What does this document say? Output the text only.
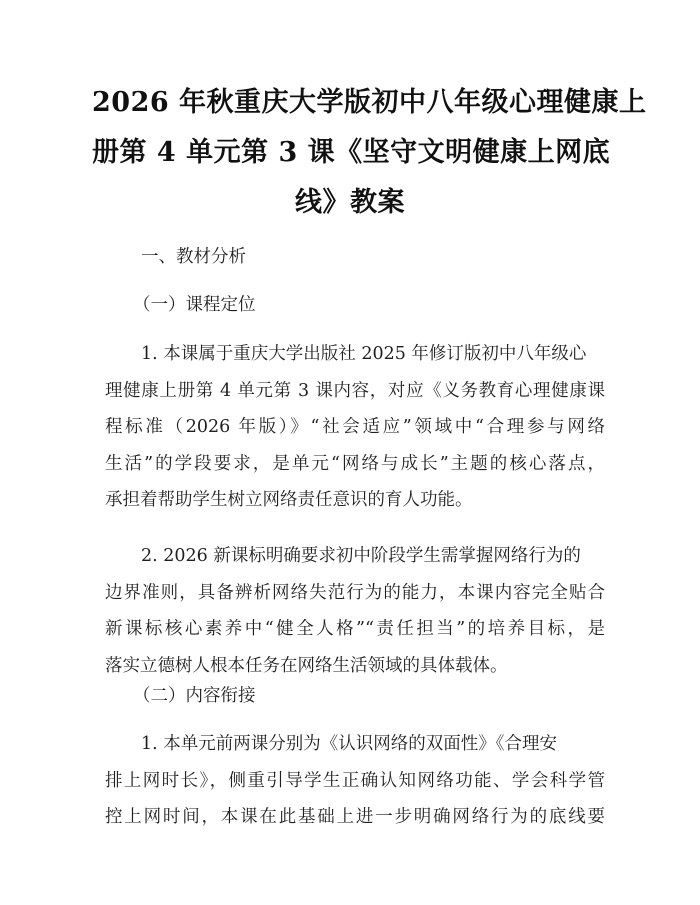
2026 年秋重庆大学版初中八年级心理健康上
册第 4 单元第 3 课《坚守文明健康上网底
线》教案
一、教材分析
（一）课程定位
1. 本课属于重庆大学出版社 2025 年修订版初中八年级心
理健康上册第 4 单元第 3 课内容，对应《义务教育心理健康课
程标准（2026 年版）》“社会适应”领域中“合理参与网络
生活”的学段要求，是单元“网络与成长”主题的核心落点，
承担着帮助学生树立网络责任意识的育人功能。
2. 2026 新课标明确要求初中阶段学生需掌握网络行为的
边界准则，具备辨析网络失范行为的能力，本课内容完全贴合
新课标核心素养中“健全人格”“责任担当”的培养目标，是
落实立德树人根本任务在网络生活领域的具体载体。
（二）内容衔接
1. 本单元前两课分别为《认识网络的双面性》《合理安
排上网时长》，侧重引导学生正确认知网络功能、学会科学管
控上网时间，本课在此基础上进一步明确网络行为的底线要
